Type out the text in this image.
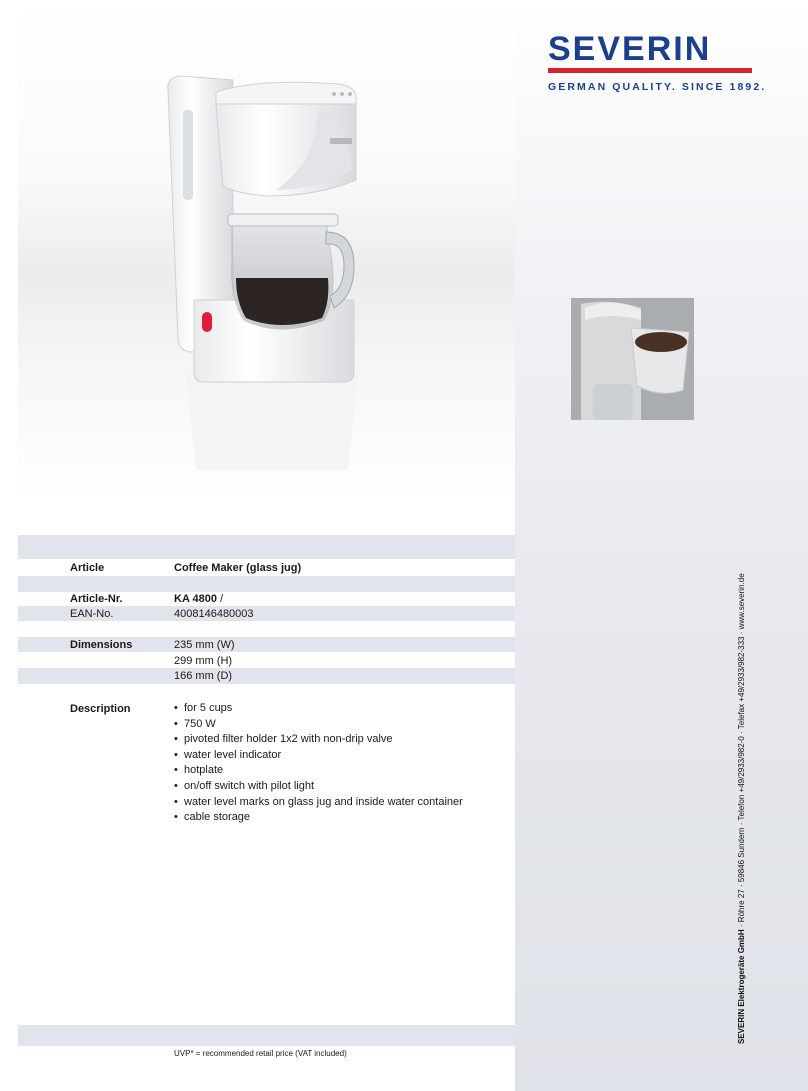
SEVERIN
GERMAN QUALITY. SINCE 1892.
Article	Coffee Maker (glass jug)
Article-Nr.	KA 4800 /
EAN-No.	4008146480003
Dimensions	235 mm (W)
299 mm (H)
166 mm (D)
Description	• for 5 cups
• 750 W
• pivoted filter holder 1x2 with non-drip valve
• water level indicator
• hotplate
• on/off switch with pilot light
• water level marks on glass jug and inside water container
• cable storage
UVP* = recommended retail price (VAT included)
SEVERIN Elektrogeräte GmbH · Röhre 27 · 59846 Sundern · Telefon +49/2933/982-0 · Telefax +49/2933/982-333 · www.severin.de
